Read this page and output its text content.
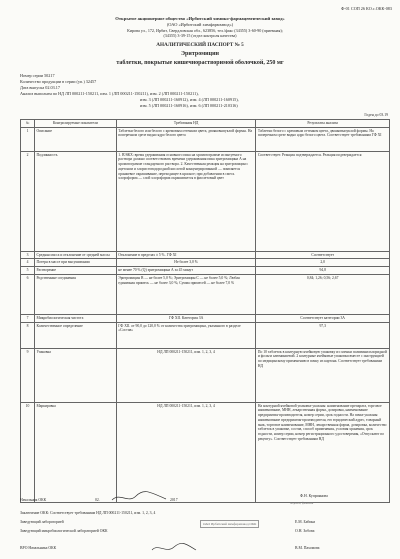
Ф-01 СОП 26 КО.с.ОКК-083
Открытое акционерное общество «Ирбитский химико-фармацевтический завод»
(ОАО «Ирбитский химфармзавод»)
Кирова ул., 172, Ирбит, Свердловская обл., 623856, тел./факс (34355) 3-60-90 (приемная);
(34355) 3-39-15 (отдел контроля качества)
АНАЛИТИЧЕСКИЙ ПАСПОРТ № 5
Эритромицин
таблетки, покрытые кишечнорастворимой оболочкой, 250 мг
Номер серии 50217
Количество продукции в серии (уп.) 32457
Дата выпуска 02.03.17
Анализ выполнен по НД ЛП 000211-150211, изм. 1 (ЛП 000211-150211), изм. 2 (ЛП 000211-150211),
изм. 3 (ЛП 000211-160912), изм. 4 (ЛП 000211-160915),
изм. 5 (ЛП 000211-160916), изм. 6 (ЛП 000211-210316)
Годен до 03.19
№	Контролируемые показатели	Требования НД	Результаты анализа
1	Описание	Таблетки белого или белого с кремовым оттенком цвета, двояковыпуклой формы. На поперечном срезе видно ядро белого цвета	Таблетки белого с кремовым оттенком цвета, двояковыпуклой формы. На поперечном срезе видно ядро белого цвета. Соответствует требованиям ГФ XI
2	Подлинность	1. ВЭЖХ: время удерживания основного пика на хроматограмме испытуемого раствора должно соответствовать времени удерживания пика эритромицина А на хроматограмме стандартного раствора. 2. Качественная реакция на эритромицин с ацетоном и хлористоводородной кислотой концентрированной — появляется оранжевое окрашивание, переходящее в красное; при добавлении в смесь хлороформа — слой хлороформа окрашивается в фиолетовый цвет	Соответствует. Реакция подтверждается. Реакция подтверждается
3	Средняя масса и отклонение от средней массы	Отклонение в пределах ± 5 %. ГФ XI	Соответствует
4	Потеря в массе при высушивании	Не более 3,0 %	2,0
5	Растворение	не менее 70 % (Q) эритромицина А за 45 минут	94,8
6	Родственные соединения	Эритромицин В — не более 5,0 %; Эритромицин С — не более 5,0 %; Любая единичная примесь — не более 3,0 %; Сумма примесей — не более 7,0 %	0,84; 1,26; 0,56; 2,67
7	Микробиологическая чистота	ГФ XII. Категория 3А	Соответствует категории 3А
8	Количественное определение	ГФ XII. от 90,0 до 120,0 % от количества эритромицина, указанного в разделе «Состав»	97,3
9	Упаковка	НД ЛП 000211-150211, изм. 1, 2, 3, 4	По 10 таблеток в контурную ячейковую упаковку из пленки поливинилхлоридной и фольги алюминиевой. 2 контурные ячейковые упаковки вместе с инструкцией по медицинскому применению в пачку из картона. Соответствует требованиям НД
10	Маркировка	НД ЛП 000211-150211, изм. 1, 2, 3, 4	На контурной ячейковой упаковке указаны: наименование препарата, торговое наименование, МНН, лекарственная форма, дозировка, наименование предприятия-производителя, номер серии, срок годности. На пачке указаны: наименование предприятия-производителя, его юридический адрес, товарный знак, торговое наименование, МНН, лекарственная форма, дозировка, количество таблеток в упаковке, состав, способ применения, условия хранения, срок годности, номер серии, номер регистрационного удостоверения, «Отпускают по рецепту». Соответствует требованиям НД
Начальник ОКК
Ф.Н. Куприянова
подпись, фамилия
02.	2017
Заключение ОКК: Соответствует требованиям НД ЛП 000211-150211, изм. 1, 2, 3, 4
Заведующий лабораторией	Е.М. Бабина
Заведующий микробиологической лабораторией ОКК	О.Н. Зобова
ВРО Начальника ОКК	В.М. Пахомова
ОАО Ирбитский химфармзавод ОКК
